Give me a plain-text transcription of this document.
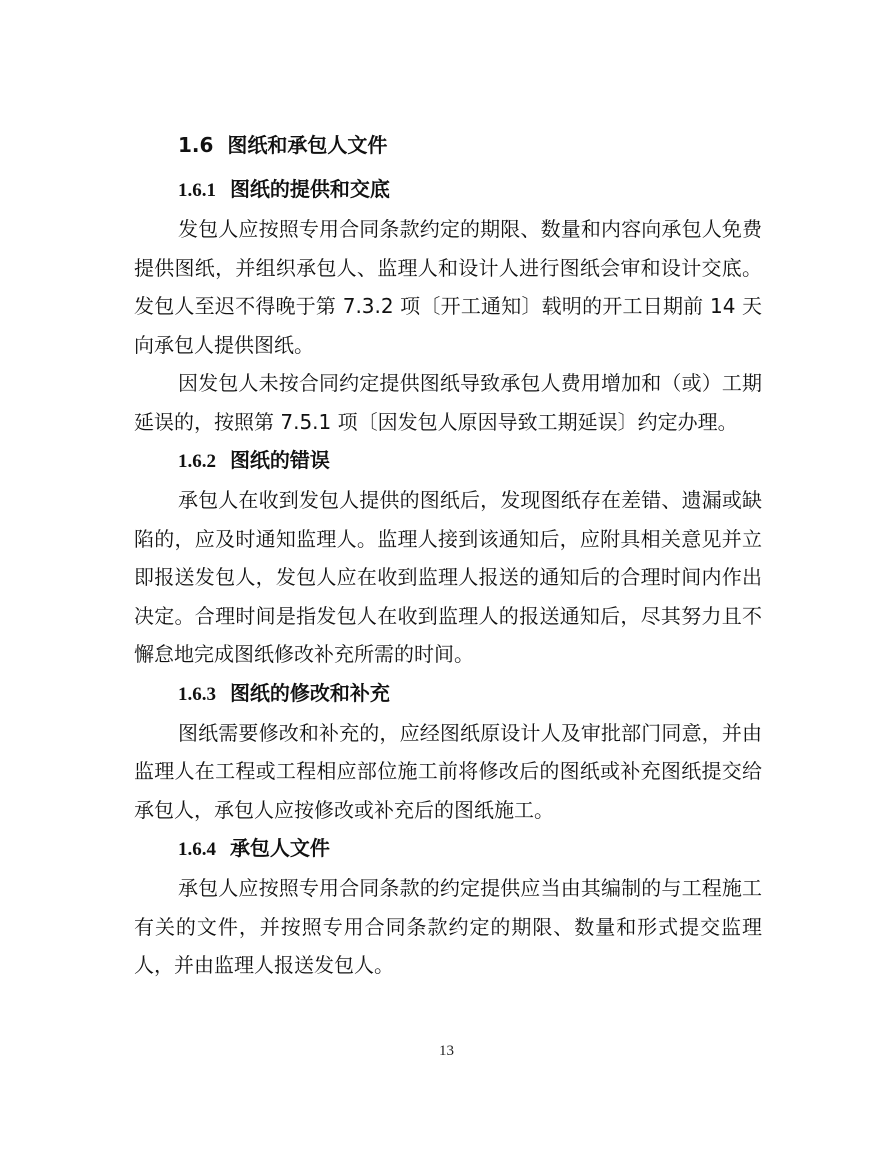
1.6 图纸和承包人文件
1.6.1 图纸的提供和交底

发包人应按照专用合同条款约定的期限、数量和内容向承包人免费提供图纸，并组织承包人、监理人和设计人进行图纸会审和设计交底。发包人至迟不得晚于第 7.3.2 项〔开工通知〕载明的开工日期前 14 天向承包人提供图纸。

因发包人未按合同约定提供图纸导致承包人费用增加和（或）工期延误的，按照第 7.5.1 项〔因发包人原因导致工期延误〕约定办理。

1.6.2 图纸的错误

承包人在收到发包人提供的图纸后，发现图纸存在差错、遗漏或缺陷的，应及时通知监理人。监理人接到该通知后，应附具相关意见并立即报送发包人，发包人应在收到监理人报送的通知后的合理时间内作出决定。合理时间是指发包人在收到监理人的报送通知后，尽其努力且不懈怠地完成图纸修改补充所需的时间。

1.6.3 图纸的修改和补充

图纸需要修改和补充的，应经图纸原设计人及审批部门同意，并由监理人在工程或工程相应部位施工前将修改后的图纸或补充图纸提交给承包人，承包人应按修改或补充后的图纸施工。

1.6.4 承包人文件

承包人应按照专用合同条款的约定提供应当由其编制的与工程施工有关的文件，并按照专用合同条款约定的期限、数量和形式提交监理人，并由监理人报送发包人。

13
